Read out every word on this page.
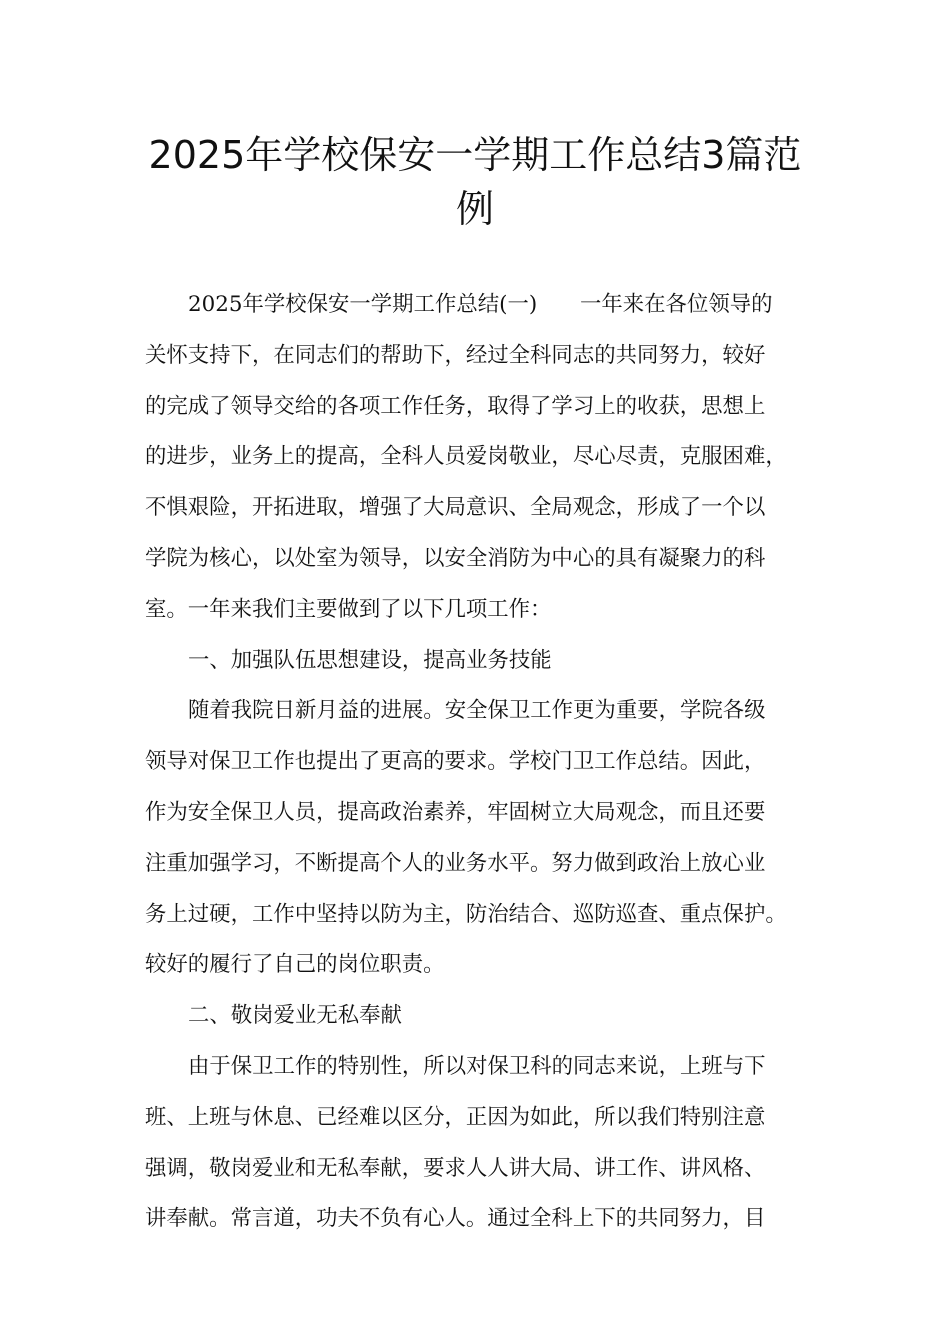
2025年学校保安一学期工作总结3篇范例
2025年学校保安一学期工作总结(一)　　一年来在各位领导的
关怀支持下，在同志们的帮助下，经过全科同志的共同努力，较好
的完成了领导交给的各项工作任务，取得了学习上的收获，思想上
的进步，业务上的提高，全科人员爱岗敬业，尽心尽责，克服困难，
不惧艰险，开拓进取，增强了大局意识、全局观念，形成了一个以
学院为核心，以处室为领导，以安全消防为中心的具有凝聚力的科
室。一年来我们主要做到了以下几项工作：
一、加强队伍思想建设，提高业务技能
随着我院日新月益的进展。安全保卫工作更为重要，学院各级
领导对保卫工作也提出了更高的要求。学校门卫工作总结。因此，
作为安全保卫人员，提高政治素养，牢固树立大局观念，而且还要
注重加强学习，不断提高个人的业务水平。努力做到政治上放心业
务上过硬，工作中坚持以防为主，防治结合、巡防巡查、重点保护。
较好的履行了自己的岗位职责。
二、敬岗爱业无私奉献
由于保卫工作的特别性，所以对保卫科的同志来说，上班与下
班、上班与休息、已经难以区分，正因为如此，所以我们特别注意
强调，敬岗爱业和无私奉献，要求人人讲大局、讲工作、讲风格、
讲奉献。常言道，功夫不负有心人。通过全科上下的共同努力，目
